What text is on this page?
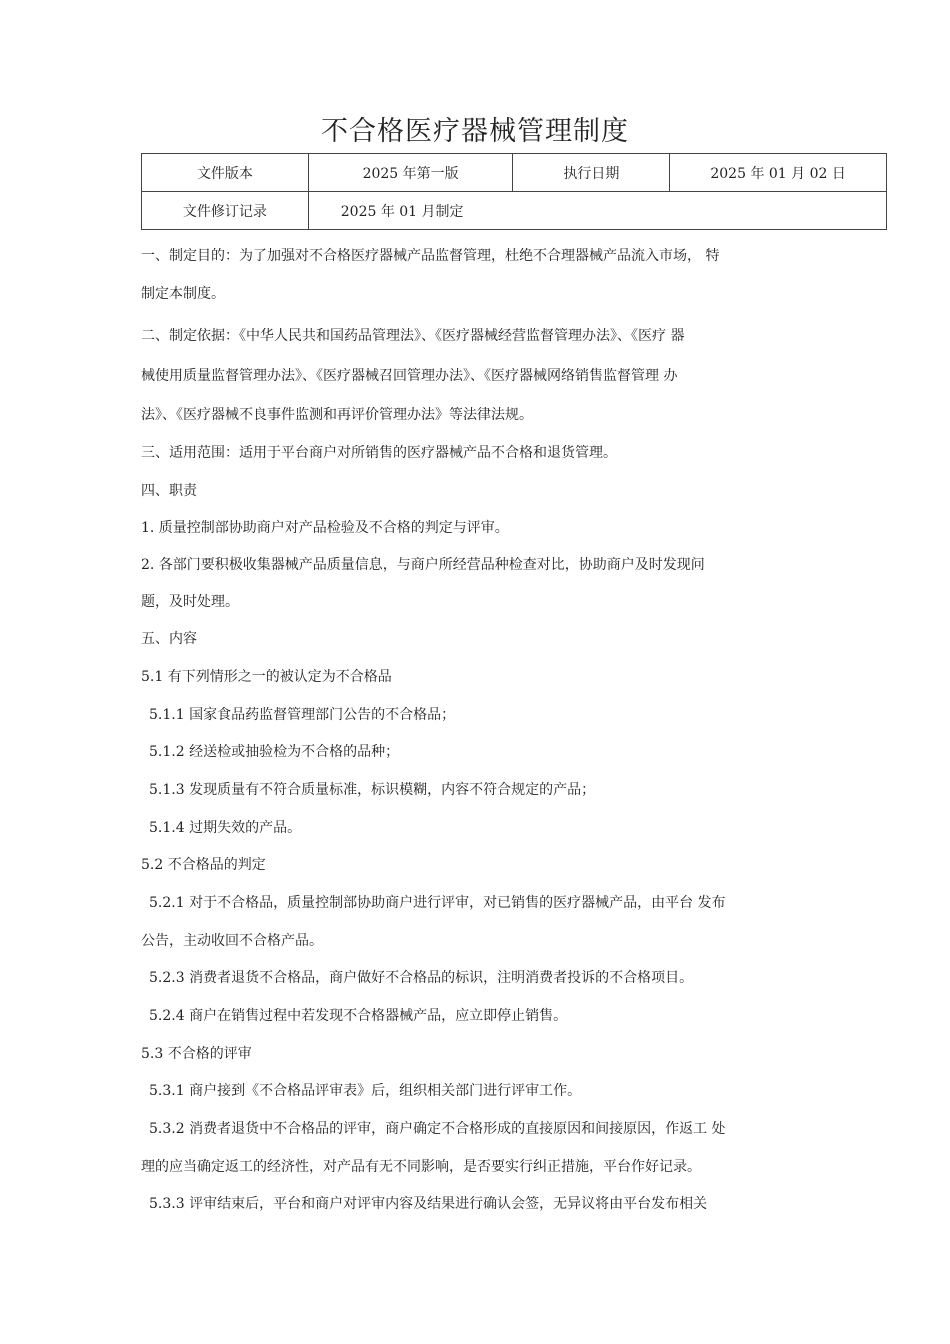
不合格医疗器械管理制度
文件版本	2025 年第一版	执行日期	2025 年 01 月 02 日
文件修订记录	2025 年 01 月制定		
一、制定目的：为了加强对不合格医疗器械产品监督管理，杜绝不合理器械产品流入市场， 特
制定本制度。
二、制定依据：《中华人民共和国药品管理法》、《医疗器械经营监督管理办法》、《医疗 器
械使用质量监督管理办法》、《医疗器械召回管理办法》、《医疗器械网络销售监督管理 办
法》、《医疗器械不良事件监测和再评价管理办法》等法律法规。
三、适用范围：适用于平台商户对所销售的医疗器械产品不合格和退货管理。
四、职责
1. 质量控制部协助商户对产品检验及不合格的判定与评审。
2. 各部门要积极收集器械产品质量信息，与商户所经营品种检查对比，协助商户及时发现问
题，及时处理。
五、内容
5.1 有下列情形之一的被认定为不合格品
5.1.1 国家食品药监督管理部门公告的不合格品；
5.1.2 经送检或抽验检为不合格的品种；
5.1.3 发现质量有不符合质量标准，标识模糊，内容不符合规定的产品；
5.1.4 过期失效的产品。
5.2 不合格品的判定
5.2.1 对于不合格品，质量控制部协助商户进行评审，对已销售的医疗器械产品，由平台 发布
公告，主动收回不合格产品。
5.2.3 消费者退货不合格品，商户做好不合格品的标识，注明消费者投诉的不合格项目。
5.2.4 商户在销售过程中若发现不合格器械产品，应立即停止销售。
5.3 不合格的评审
5.3.1 商户接到《不合格品评审表》后，组织相关部门进行评审工作。
5.3.2 消费者退货中不合格品的评审，商户确定不合格形成的直接原因和间接原因，作返工 处
理的应当确定返工的经济性，对产品有无不同影响，是否要实行纠正措施，平台作好记录。
5.3.3 评审结束后，平台和商户对评审内容及结果进行确认会签，无异议将由平台发布相关
